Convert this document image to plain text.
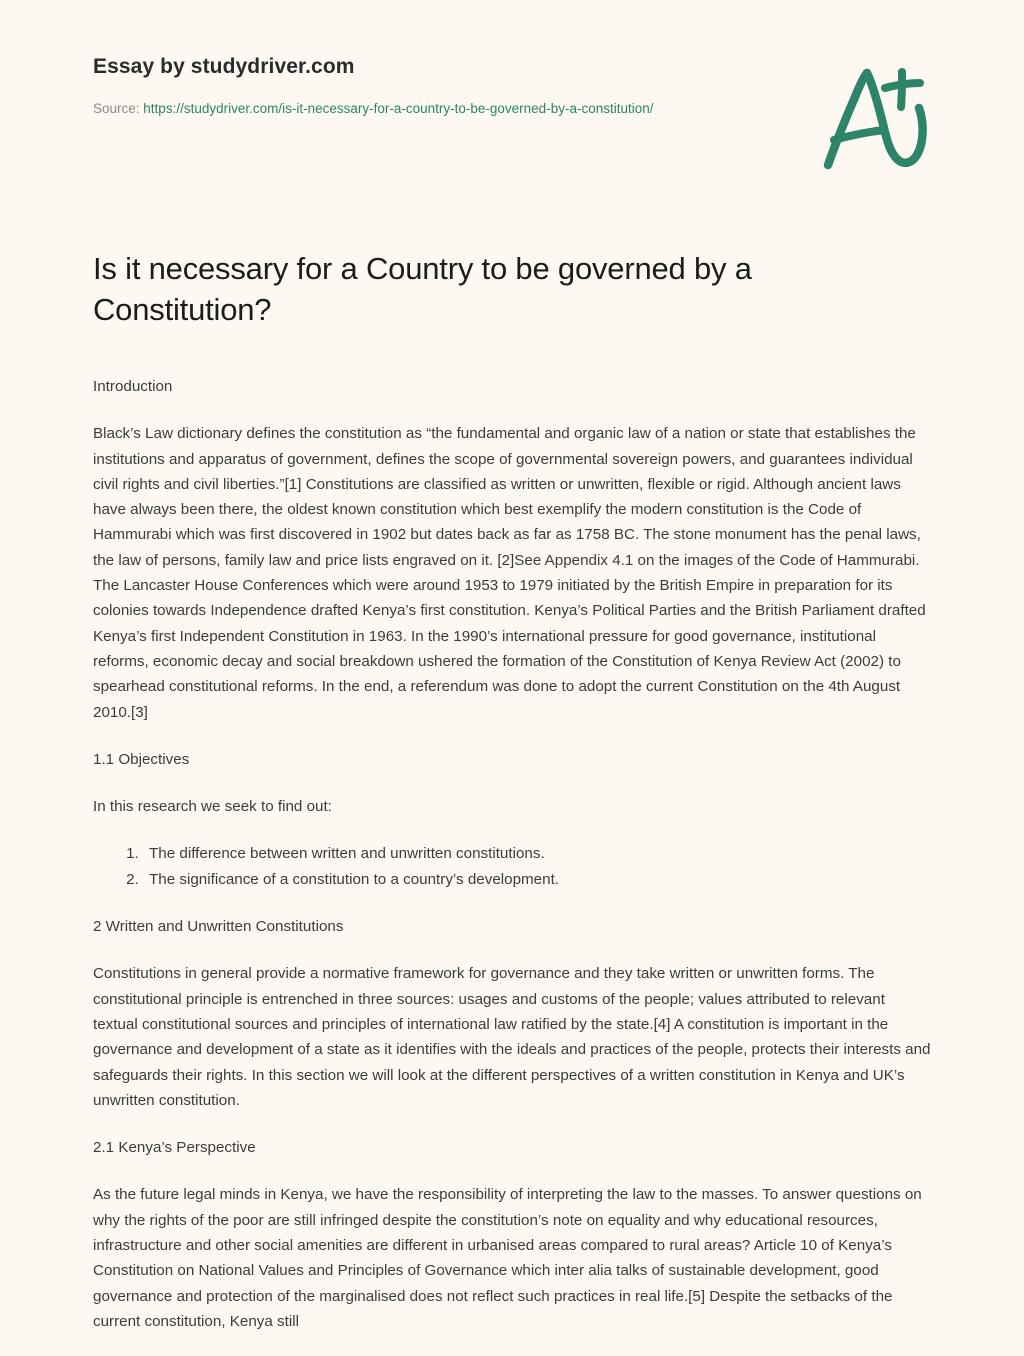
Essay by studydriver.com

Source: https://studydriver.com/is-it-necessary-for-a-country-to-be-governed-by-a-constitution/

Is it necessary for a Country to be governed by a Constitution?

Introduction

Black’s Law dictionary defines the constitution as “the fundamental and organic law of a nation or state that establishes the institutions and apparatus of government, defines the scope of governmental sovereign powers, and guarantees individual civil rights and civil liberties.”[1] Constitutions are classified as written or unwritten, flexible or rigid. Although ancient laws have always been there, the oldest known constitution which best exemplify the modern constitution is the Code of Hammurabi which was first discovered in 1902 but dates back as far as 1758 BC. The stone monument has the penal laws, the law of persons, family law and price lists engraved on it. [2]See Appendix 4.1 on the images of the Code of Hammurabi. The Lancaster House Conferences which were around 1953 to 1979 initiated by the British Empire in preparation for its colonies towards Independence drafted Kenya’s first constitution. Kenya’s Political Parties and the British Parliament drafted Kenya’s first Independent Constitution in 1963. In the 1990’s international pressure for good governance, institutional reforms, economic decay and social breakdown ushered the formation of the Constitution of Kenya Review Act (2002) to spearhead constitutional reforms. In the end, a referendum was done to adopt the current Constitution on the 4th August 2010.[3]

1.1 Objectives

In this research we seek to find out:

1. The difference between written and unwritten constitutions.
2. The significance of a constitution to a country’s development.

2 Written and Unwritten Constitutions

Constitutions in general provide a normative framework for governance and they take written or unwritten forms. The constitutional principle is entrenched in three sources: usages and customs of the people; values attributed to relevant textual constitutional sources and principles of international law ratified by the state.[4] A constitution is important in the governance and development of a state as it identifies with the ideals and practices of the people, protects their interests and safeguards their rights. In this section we will look at the different perspectives of a written constitution in Kenya and UK’s unwritten constitution.

2.1 Kenya’s Perspective

As the future legal minds in Kenya, we have the responsibility of interpreting the law to the masses. To answer questions on why the rights of the poor are still infringed despite the constitution’s note on equality and why educational resources, infrastructure and other social amenities are different in urbanised areas compared to rural areas? Article 10 of Kenya’s Constitution on National Values and Principles of Governance which inter alia talks of sustainable development, good governance and protection of the marginalised does not reflect such practices in real life.[5] Despite the setbacks of the current constitution, Kenya still
